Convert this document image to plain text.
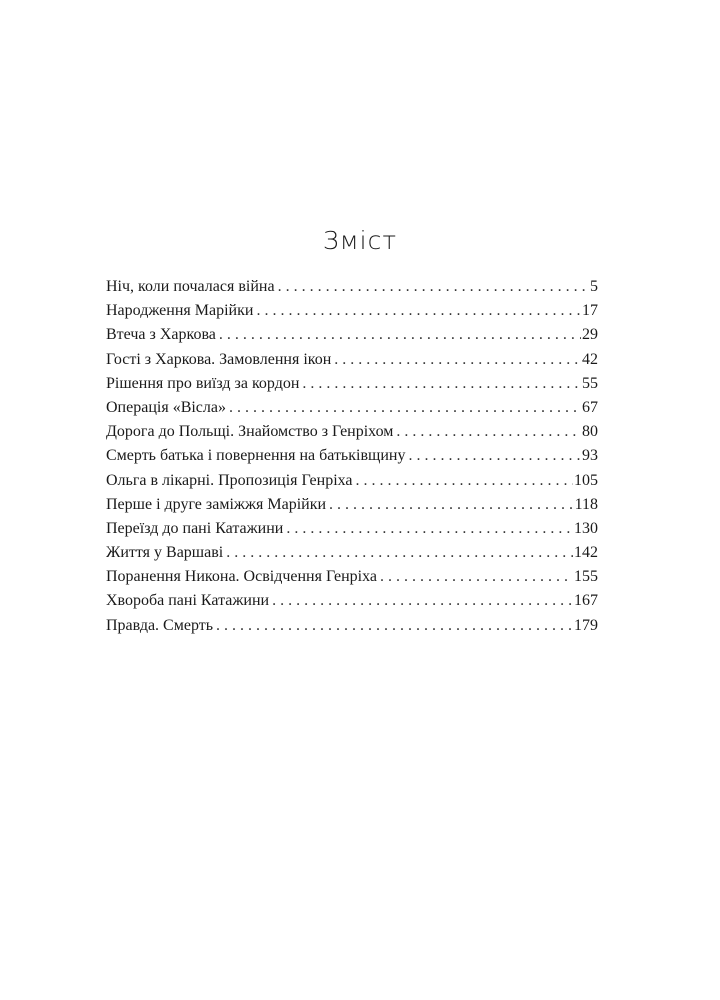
Зміст
Ніч, коли почалася війна . . .	5
Народження Марійки . . .	17
Втеча з Харкова . . .	29
Гості з Харкова. Замовлення ікон . . .	42
Рішення про виїзд за кордон . . .	55
Операція «Вісла» . . .	67
Дорога до Польщі. Знайомство з Генріхом . . .	80
Смерть батька і повернення на батьківщину . . .	93
Ольга в лікарні. Пропозиція Генріха . . .	105
Перше і друге заміжжя Марійки . . .	118
Переїзд до пані Катажини . . .	130
Життя у Варшаві . . .	142
Поранення Никона. Освідчення Генріха . . .	155
Хвороба пані Катажини . . .	167
Правда. Смерть . . .	179
